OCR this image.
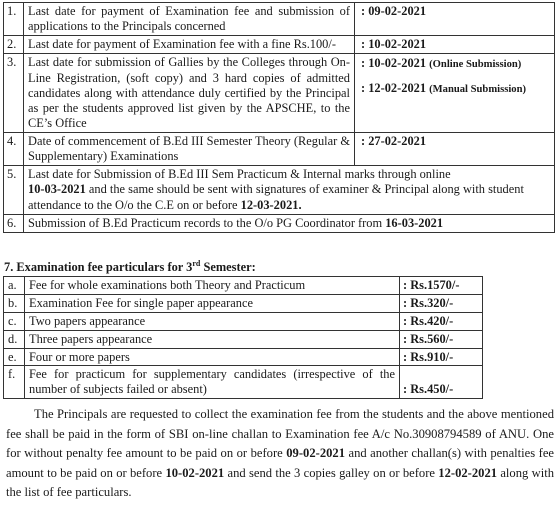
1.	Last date for payment of Examination fee and submission of applications to the Principals concerned	: 09-02-2021
2.	Last date for payment of Examination fee with a fine Rs.100/-	: 10-02-2021
3.	Last date for submission of Gallies by the Colleges through On-Line Registration, (soft copy) and 3 hard copies of admitted candidates along with attendance duly certified by the Principal as per the students approved list given by the APSCHE, to the CE’s Office	: 10-02-2021 (Online Submission)
: 12-02-2021 (Manual Submission)

4.	Date of commencement of B.Ed III Semester Theory (Regular & Supplementary) Examinations	: 27-02-2021
5.	Last date for Submission of B.Ed III Sem Practicum & Internal marks through online
10-03-2021 and the same should be sent with signatures of examiner & Principal along with student attendance to the O/o the C.E on or before 12-03-2021.	
6.	Submission of B.Ed Practicum records to the O/o PG Coordinator from 16-03-2021	

7. Examination fee particulars for 3rd Semester:

a.	Fee for whole examinations both Theory and Practicum	: Rs.1570/-
b.	Examination Fee for single paper appearance	: Rs.320/-
c.	Two papers appearance	: Rs.420/-
d.	Three papers appearance	: Rs.560/-
e.	Four or more papers	: Rs.910/-
f.	Fee for practicum for supplementary candidates (irrespective of the number of subjects failed or absent)	: Rs.450/-

The Principals are requested to collect the examination fee from the students and the above mentioned fee shall be paid in the form of SBI on-line challan to Examination fee A/c No.30908794589 of ANU. One for without penalty fee amount to be paid on or before 09-02-2021 and another challan(s) with penalties fee amount to be paid on or before 10-02-2021 and send the 3 copies galley on or before 12-02-2021 along with the list of fee particulars.
